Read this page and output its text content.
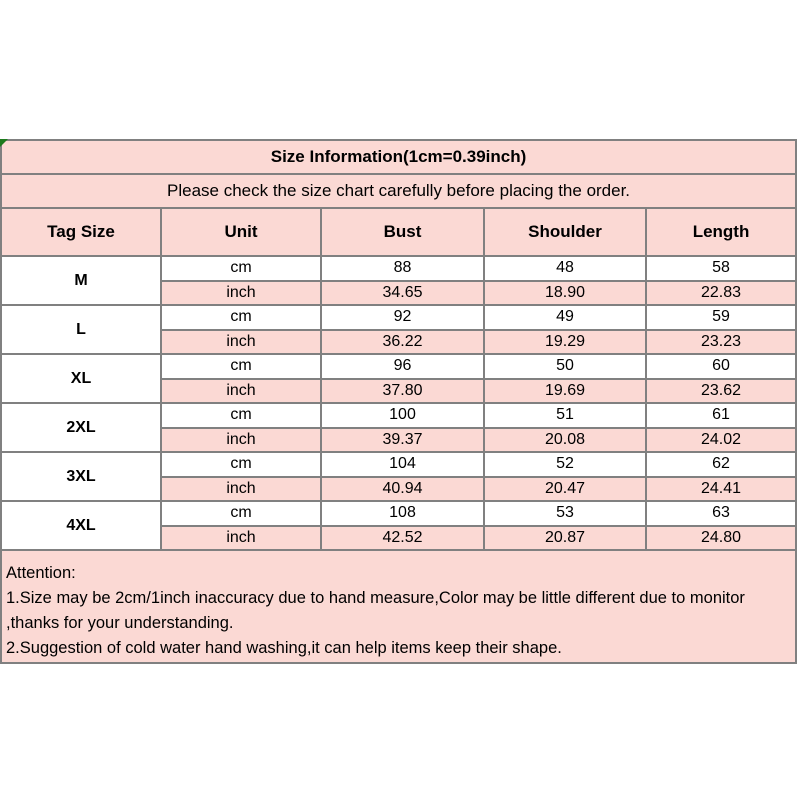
Size Information(1cm=0.39inch)				
Please check the size chart carefully before placing the order.				
Tag Size	Unit	Bust	Shoulder	Length
M	cm	88	48	58
	inch	34.65	18.90	22.83
L	cm	92	49	59
	inch	36.22	19.29	23.23
XL	cm	96	50	60
	inch	37.80	19.69	23.62
2XL	cm	100	51	61
	inch	39.37	20.08	24.02
3XL	cm	104	52	62
	inch	40.94	20.47	24.41
4XL	cm	108	53	63
	inch	42.52	20.87	24.80

Attention:
1.Size may be 2cm/1inch inaccuracy due to hand measure,Color may be little different due to monitor
,thanks for your understanding.
2.Suggestion of cold water hand washing,it can help items keep their shape.				
